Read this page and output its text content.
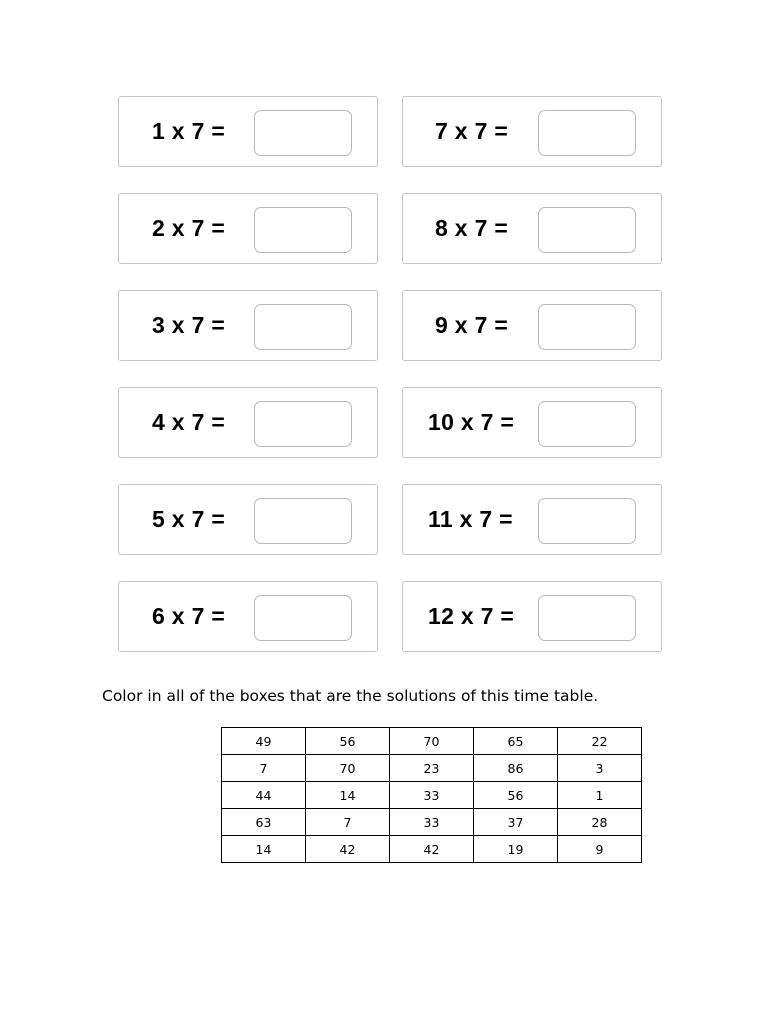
1 x 7 =	7 x 7 =
2 x 7 =	8 x 7 =
3 x 7 =	9 x 7 =
4 x 7 =	10 x 7 =
5 x 7 =	11 x 7 =
6 x 7 =	12 x 7 =
Color in all of the boxes that are the solutions of this time table.
49	56	70	65	22
7	70	23	86	3
44	14	33	56	1
63	7	33	37	28
14	42	42	19	9
